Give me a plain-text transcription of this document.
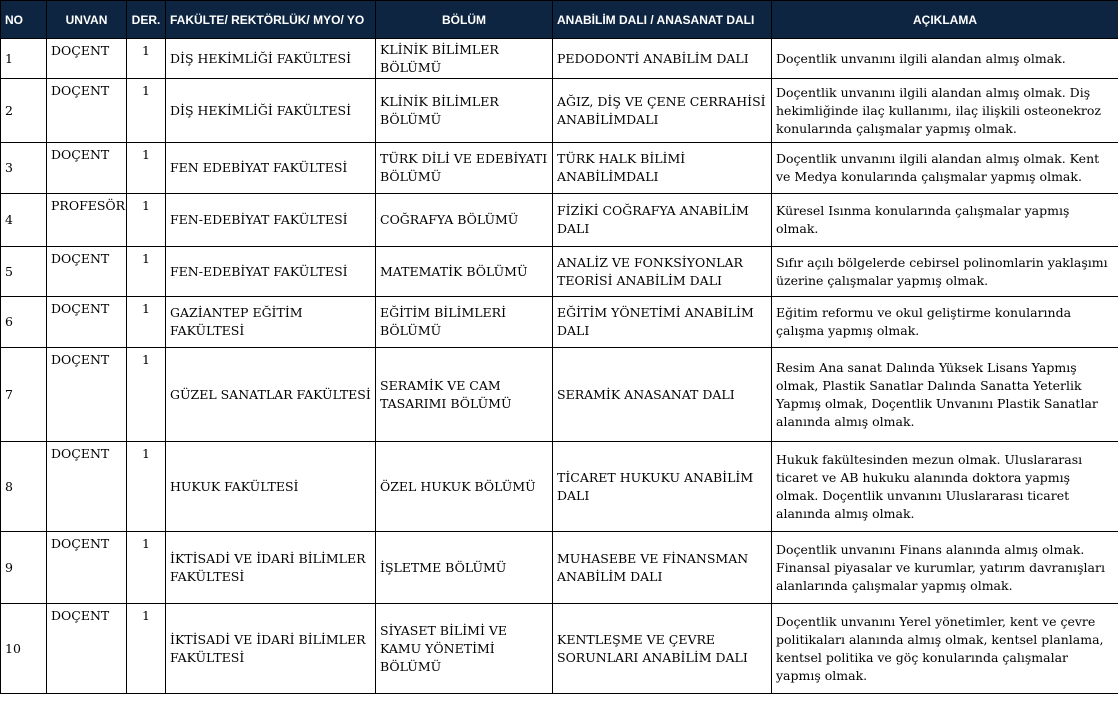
NO	UNVAN	DER.	FAKÜLTE/ REKTÖRLÜK/ MYO/ YO	BÖLÜM	ANABİLİM DALI / ANASANAT DALI	AÇIKLAMA
1	DOÇENT	1	DİŞ HEKİMLİĞİ FAKÜLTESİ	KLİNİK BİLİMLER BÖLÜMÜ	PEDODONTİ ANABİLİM DALI	Doçentlik unvanını ilgili alandan almış olmak.
2	DOÇENT	1	DİŞ HEKİMLİĞİ FAKÜLTESİ	KLİNİK BİLİMLER BÖLÜMÜ	AĞIZ, DİŞ VE ÇENE CERRAHİSİ ANABİLİMDALI	Doçentlik unvanını ilgili alandan almış olmak. Diş hekimliğinde ilaç kullanımı, ilaç ilişkili osteonekroz konularında çalışmalar yapmış olmak.
3	DOÇENT	1	FEN EDEBİYAT FAKÜLTESİ	TÜRK DİLİ VE EDEBİYATI BÖLÜMÜ	TÜRK HALK BİLİMİ ANABİLİMDALI	Doçentlik unvanını ilgili alandan almış olmak. Kent ve Medya konularında çalışmalar yapmış olmak.
4	PROFESÖR	1	FEN-EDEBİYAT FAKÜLTESİ	COĞRAFYA BÖLÜMÜ	FİZİKİ COĞRAFYA ANABİLİM DALI	Küresel Isınma konularında çalışmalar yapmış olmak.
5	DOÇENT	1	FEN-EDEBİYAT FAKÜLTESİ	MATEMATİK BÖLÜMÜ	ANALİZ VE FONKSİYONLAR TEORİSİ ANABİLİM DALI	Sıfır açılı bölgelerde cebirsel polinomlarin yaklaşımı üzerine çalışmalar yapmış olmak.
6	DOÇENT	1	GAZİANTEP EĞİTİM FAKÜLTESİ	EĞİTİM BİLİMLERİ BÖLÜMÜ	EĞİTİM YÖNETİMİ ANABİLİM DALI	Eğitim reformu ve okul geliştirme konularında çalışma yapmış olmak.
7	DOÇENT	1	GÜZEL SANATLAR FAKÜLTESİ	SERAMİK VE CAM TASARIMI BÖLÜMÜ	SERAMİK ANASANAT DALI	Resim Ana sanat Dalında Yüksek Lisans Yapmış olmak, Plastik Sanatlar Dalında Sanatta Yeterlik Yapmış olmak, Doçentlik Unvanını Plastik Sanatlar alanında almış olmak.
8	DOÇENT	1	HUKUK FAKÜLTESİ	ÖZEL HUKUK BÖLÜMÜ	TİCARET HUKUKU ANABİLİM DALI	Hukuk fakültesinden mezun olmak. Uluslararası ticaret ve AB hukuku alanında doktora yapmış olmak. Doçentlik unvanını Uluslararası ticaret alanında almış olmak.
9	DOÇENT	1	İKTİSADİ VE İDARİ BİLİMLER FAKÜLTESİ	İŞLETME BÖLÜMÜ	MUHASEBE VE FİNANSMAN ANABİLİM DALI	Doçentlik unvanını Finans alanında almış olmak. Finansal piyasalar ve kurumlar, yatırım davranışları alanlarında çalışmalar yapmış olmak.
10	DOÇENT	1	İKTİSADİ VE İDARİ BİLİMLER FAKÜLTESİ	SİYASET BİLİMİ VE KAMU YÖNETİMİ BÖLÜMÜ	KENTLEŞME VE ÇEVRE SORUNLARI ANABİLİM DALI	Doçentlik unvanını Yerel yönetimler, kent ve çevre politikaları alanında almış olmak, kentsel planlama, kentsel politika ve göç konularında çalışmalar yapmış olmak.
